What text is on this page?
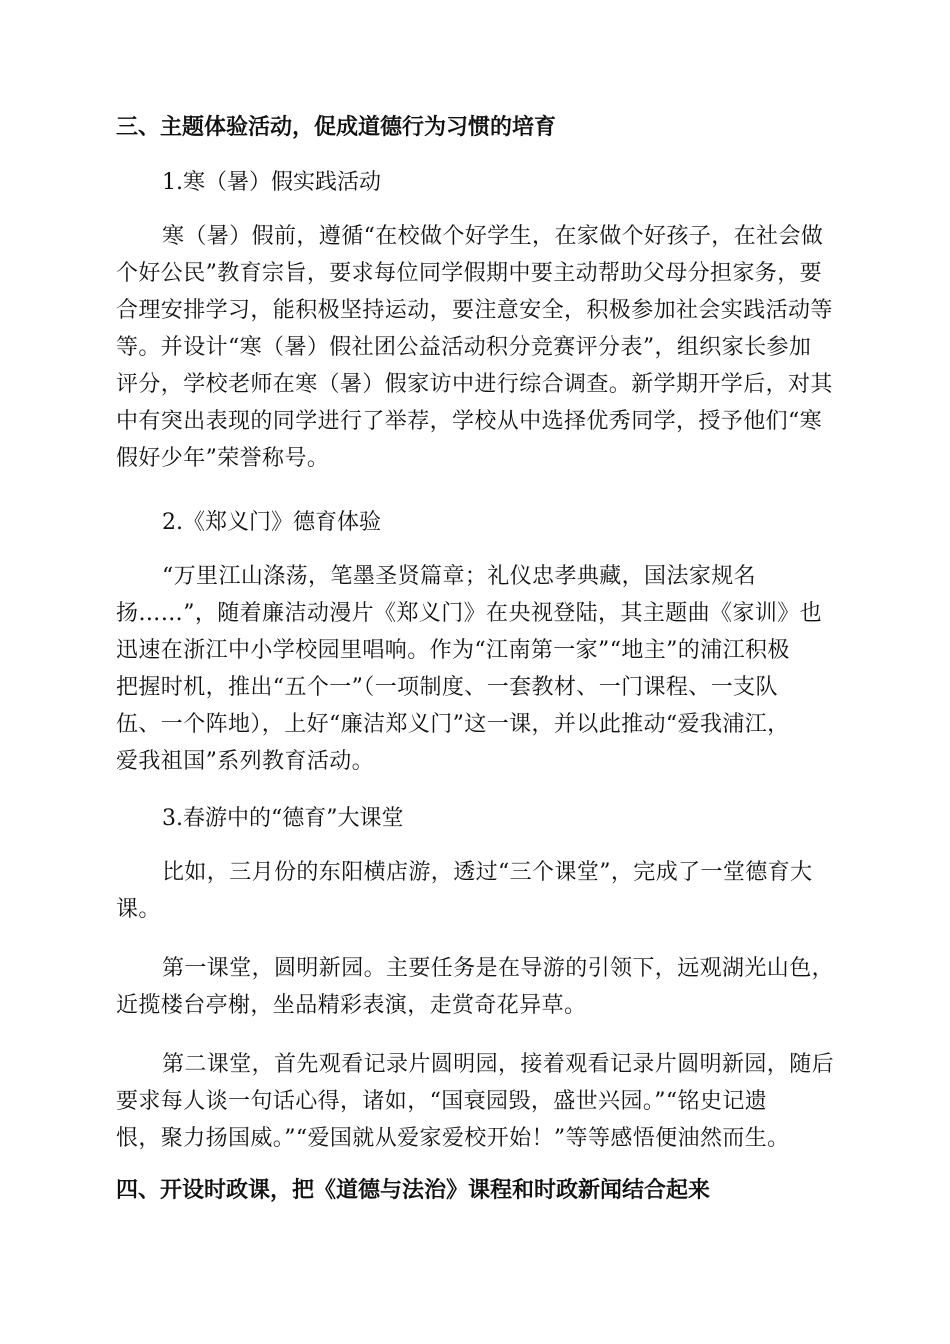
三、主题体验活动，促成道德行为习惯的培育

1.寒（暑）假实践活动

寒（暑）假前，遵循“在校做个好学生，在家做个好孩子，在社会做
个好公民”教育宗旨，要求每位同学假期中要主动帮助父母分担家务，要
合理安排学习，能积极坚持运动，要注意安全，积极参加社会实践活动等
等。并设计“寒（暑）假社团公益活动积分竞赛评分表”，组织家长参加
评分，学校老师在寒（暑）假家访中进行综合调查。新学期开学后，对其
中有突出表现的同学进行了举荐，学校从中选择优秀同学，授予他们“寒
假好少年”荣誉称号。

2.《郑义门》德育体验

“万里江山涤荡，笔墨圣贤篇章；礼仪忠孝典藏，国法家规名
扬……”，随着廉洁动漫片《郑义门》在央视登陆，其主题曲《家训》也
迅速在浙江中小学校园里唱响。作为“江南第一家”“地主”的浦江积极
把握时机，推出“五个一”（一项制度、一套教材、一门课程、一支队
伍、一个阵地），上好“廉洁郑义门”这一课，并以此推动“爱我浦江，
爱我祖国”系列教育活动。

3.春游中的“德育”大课堂

比如，三月份的东阳横店游，透过“三个课堂”，完成了一堂德育大
课。

第一课堂，圆明新园。主要任务是在导游的引领下，远观湖光山色，
近揽楼台亭榭，坐品精彩表演，走赏奇花异草。

第二课堂，首先观看记录片圆明园，接着观看记录片圆明新园，随后
要求每人谈一句话心得，诸如，“国衰园毁，盛世兴园。”“铭史记遗
恨，聚力扬国威。”“爱国就从爱家爱校开始！”等等感悟便油然而生。

四、开设时政课，把《道德与法治》课程和时政新闻结合起来
